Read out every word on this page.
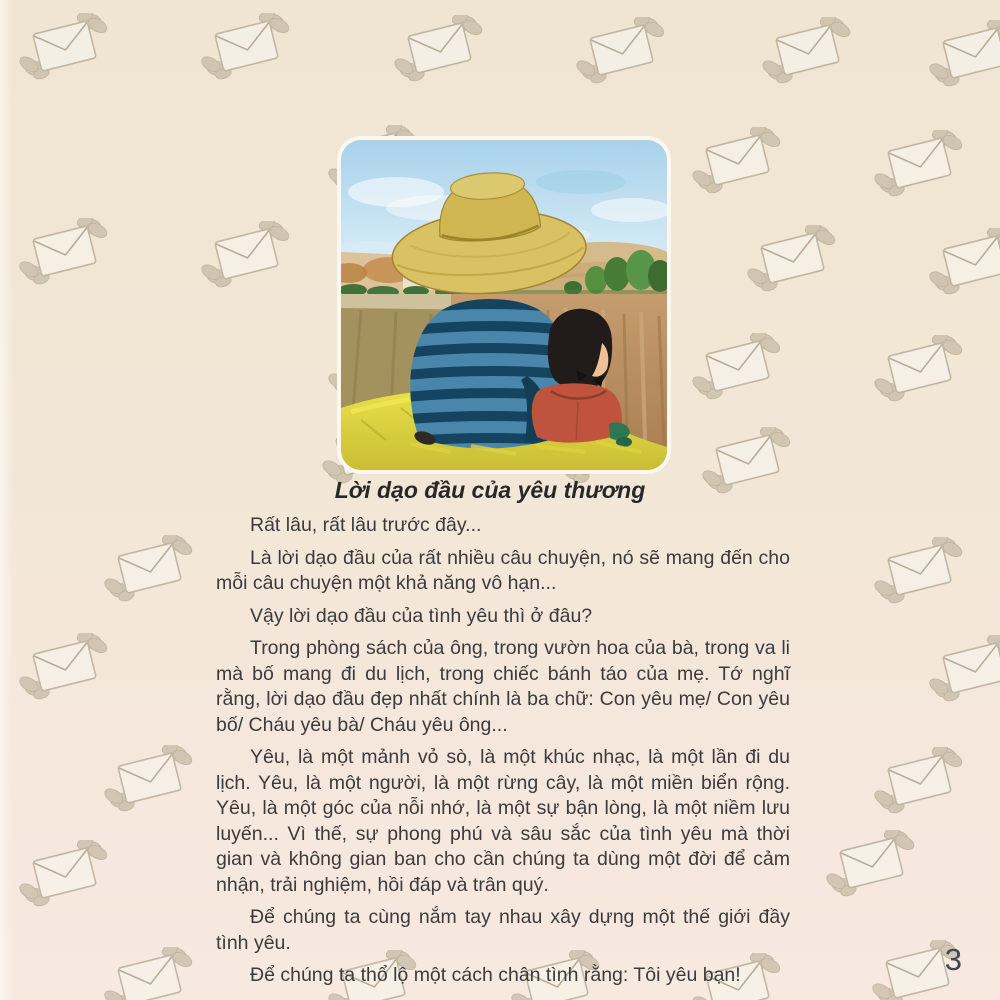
Lời dạo đầu của yêu thương

Rất lâu, rất lâu trước đây...

Là lời dạo đầu của rất nhiều câu chuyện, nó sẽ mang đến cho mỗi câu chuyện một khả năng vô hạn...

Vậy lời dạo đầu của tình yêu thì ở đâu?

Trong phòng sách của ông, trong vườn hoa của bà, trong va li mà bố mang đi du lịch, trong chiếc bánh táo của mẹ. Tớ nghĩ rằng, lời dạo đầu đẹp nhất chính là ba chữ: Con yêu mẹ/ Con yêu bố/ Cháu yêu bà/ Cháu yêu ông...

Yêu, là một mảnh vỏ sò, là một khúc nhạc, là một lần đi du lịch. Yêu, là một người, là một rừng cây, là một miền biển rộng. Yêu, là một góc của nỗi nhớ, là một sự bận lòng, là một niềm lưu luyến... Vì thế, sự phong phú và sâu sắc của tình yêu mà thời gian và không gian ban cho cần chúng ta dùng một đời để cảm nhận, trải nghiệm, hồi đáp và trân quý.

Để chúng ta cùng nắm tay nhau xây dựng một thế giới đầy tình yêu.

Để chúng ta thổ lộ một cách chân tình rằng: Tôi yêu bạn!	3
